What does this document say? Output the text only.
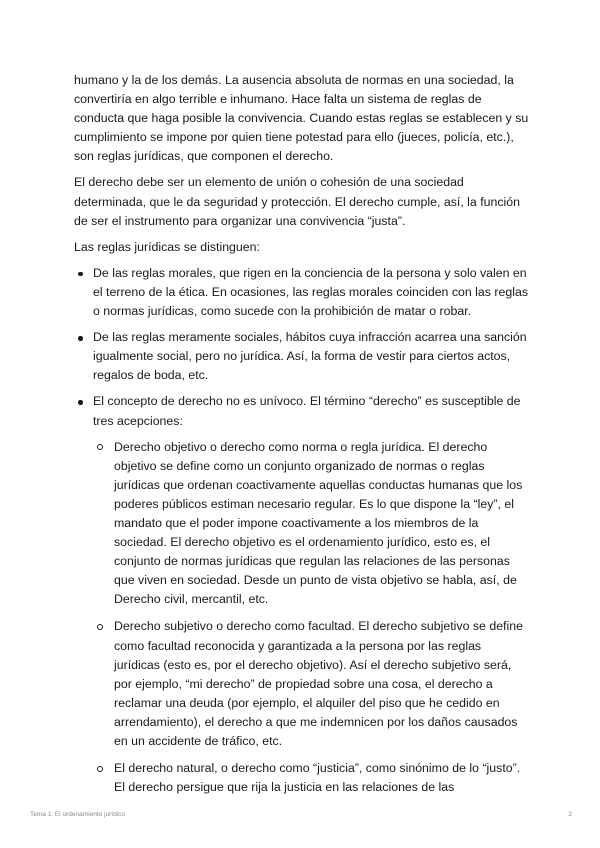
humano y la de los demás. La ausencia absoluta de normas en una sociedad, la convertiría en algo terrible e inhumano. Hace falta un sistema de reglas de conducta que haga posible la convivencia. Cuando estas reglas se establecen y su cumplimiento se impone por quien tiene potestad para ello (jueces, policía, etc.), son reglas jurídicas, que componen el derecho.

El derecho debe ser un elemento de unión o cohesión de una sociedad determinada, que le da seguridad y protección. El derecho cumple, así, la función de ser el instrumento para organizar una convivencia “justa”.

Las reglas jurídicas se distinguen:

De las reglas morales, que rigen en la conciencia de la persona y solo valen en el terreno de la ética. En ocasiones, las reglas morales coinciden con las reglas o normas jurídicas, como sucede con la prohibición de matar o robar.
De las reglas meramente sociales, hábitos cuya infracción acarrea una sanción igualmente social, pero no jurídica. Así, la forma de vestir para ciertos actos, regalos de boda, etc.
El concepto de derecho no es unívoco. El término “derecho” es susceptible de tres acepciones:
Derecho objetivo o derecho como norma o regla jurídica. El derecho objetivo se define como un conjunto organizado de normas o reglas jurídicas que ordenan coactivamente aquellas conductas humanas que los poderes públicos estiman necesario regular. Es lo que dispone la “ley”, el mandato que el poder impone coactivamente a los miembros de la sociedad. El derecho objetivo es el ordenamiento jurídico, esto es, el conjunto de normas jurídicas que regulan las relaciones de las personas que viven en sociedad. Desde un punto de vista objetivo se habla, así, de Derecho civil, mercantil, etc.
Derecho subjetivo o derecho como facultad. El derecho subjetivo se define como facultad reconocida y garantizada a la persona por las reglas jurídicas (esto es, por el derecho objetivo). Así el derecho subjetivo será, por ejemplo, “mi derecho” de propiedad sobre una cosa, el derecho a reclamar una deuda (por ejemplo, el alquiler del piso que he cedido en arrendamiento), el derecho a que me indemnicen por los daños causados en un accidente de tráfico, etc.
El derecho natural, o derecho como “justicia”, como sinónimo de lo “justo”. El derecho persigue que rija la justicia en las relaciones de las
Tema 1: El ordenamiento jurídico	2
